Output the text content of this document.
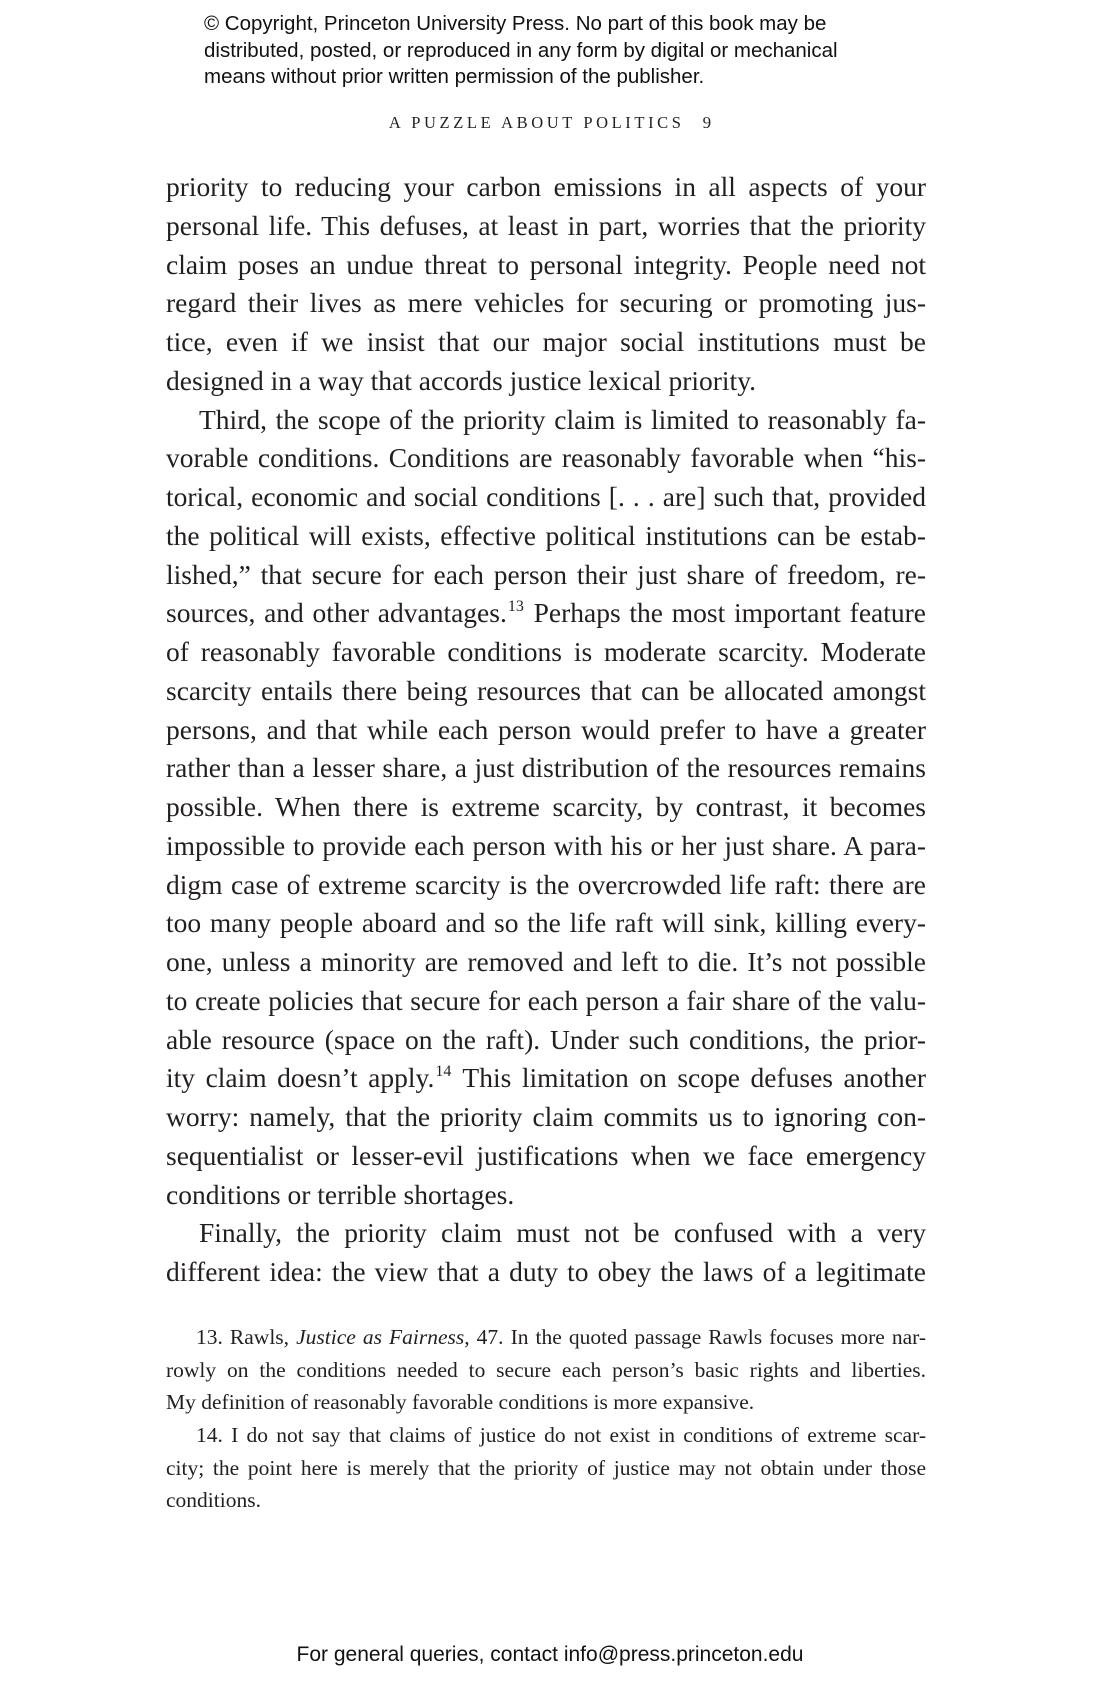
© Copyright, Princeton University Press. No part of this book may be
distributed, posted, or reproduced in any form by digital or mechanical
means without prior written permission of the publisher.
A PUZZLE ABOUT POLITICS 9
priority to reducing your carbon emissions in all aspects of your
personal life. This defuses, at least in part, worries that the priority
claim poses an undue threat to personal integrity. People need not
regard their lives as mere vehicles for securing or promoting jus-
tice, even if we insist that our major social institutions must be
designed in a way that accords justice lexical priority.
Third, the scope of the priority claim is limited to reasonably fa-
vorable conditions. Conditions are reasonably favorable when “his-
torical, economic and social conditions [. . . are] such that, provided
the political will exists, effective political institutions can be estab-
lished,” that secure for each person their just share of freedom, re-
sources, and other advantages.$^{13}$ Perhaps the most important feature
of reasonably favorable conditions is moderate scarcity. Moderate
scarcity entails there being resources that can be allocated amongst
persons, and that while each person would prefer to have a greater
rather than a lesser share, a just distribution of the resources remains
possible. When there is extreme scarcity, by contrast, it becomes
impossible to provide each person with his or her just share. A para-
digm case of extreme scarcity is the overcrowded life raft: there are
too many people aboard and so the life raft will sink, killing every-
one, unless a minority are removed and left to die. It’s not possible
to create policies that secure for each person a fair share of the valu-
able resource (space on the raft). Under such conditions, the prior-
ity claim doesn’t apply.$^{14}$ This limitation on scope defuses another
worry: namely, that the priority claim commits us to ignoring con-
sequentialist or lesser-evil justifications when we face emergency
conditions or terrible shortages.
Finally, the priority claim must not be confused with a very
different idea: the view that a duty to obey the laws of a legitimate
13. Rawls, Justice as Fairness, 47. In the quoted passage Rawls focuses more nar-
rowly on the conditions needed to secure each person’s basic rights and liberties.
My definition of reasonably favorable conditions is more expansive.
14. I do not say that claims of justice do not exist in conditions of extreme scar-
city; the point here is merely that the priority of justice may not obtain under those
conditions.
For general queries, contact info@press.princeton.edu
